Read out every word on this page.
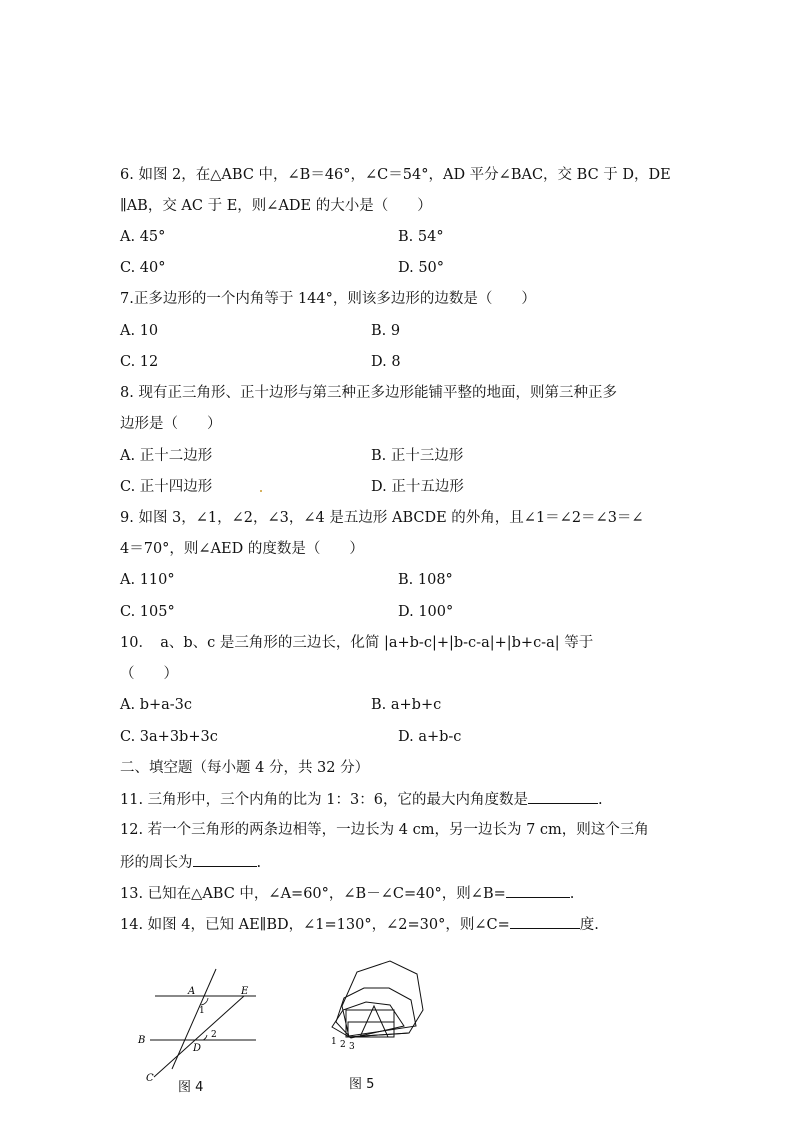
6. 如图 2，在△ABC 中，∠B＝46°，∠C＝54°，AD 平分∠BAC，交 BC 于 D，DE
∥AB，交 AC 于 E，则∠ADE 的大小是（　　）
A. 45°	B. 54°
C. 40°	D. 50°
7.正多边形的一个内角等于 144°，则该多边形的边数是（　　）
A. 10	B. 9
C. 12	D. 8
8. 现有正三角形、正十边形与第三种正多边形能铺平整的地面，则第三种正多
边形是（　　）
A. 正十二边形	B. 正十三边形
C. 正十四边形	D. 正十五边形
9. 如图 3，∠1，∠2，∠3，∠4 是五边形 ABCDE 的外角，且∠1＝∠2＝∠3＝∠
4＝70°，则∠AED 的度数是（　　）
A. 110°	B. 108°
C. 105°	D. 100°
10．　a、b、c 是三角形的三边长，化简 |a+b-c|+|b-c-a|+|b+c-a| 等于
（　　）
A. b+a-3c	B. a+b+c
C. 3a+3b+3c	D. a+b-c
二、填空题（每小题 4 分，共 32 分）
11. 三角形中，三个内角的比为 1：3：6，它的最大内角度数是	.
12. 若一个三角形的两条边相等，一边长为 4 cm，另一边长为 7 cm，则这个三角
形的周长为	.
13. 已知在△ABC 中，∠A=60°，∠B－∠C=40°，则∠B=	.
14. 如图 4，已知 AE∥BD，∠1=130°，∠2=30°，则∠C=	度.
A	E
B
D
C
1
2
图 4
1 2 3
图 5
